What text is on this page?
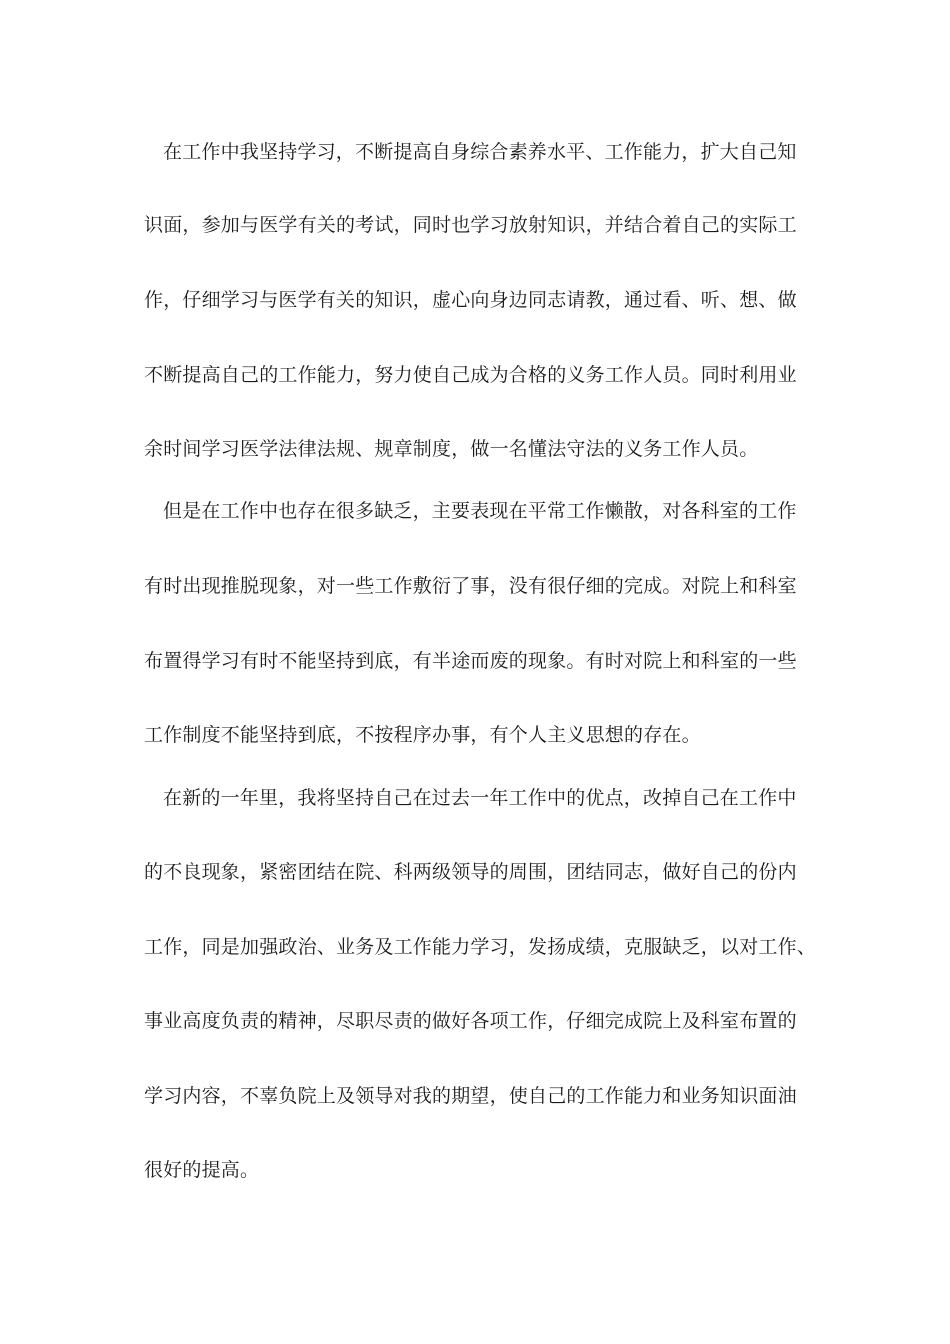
在工作中我坚持学习，不断提高自身综合素养水平、工作能力，扩大自己知
识面，参加与医学有关的考试，同时也学习放射知识，并结合着自己的实际工
作，仔细学习与医学有关的知识，虚心向身边同志请教，通过看、听、想、做
不断提高自己的工作能力，努力使自己成为合格的义务工作人员。同时利用业
余时间学习医学法律法规、规章制度，做一名懂法守法的义务工作人员。
但是在工作中也存在很多缺乏，主要表现在平常工作懒散，对各科室的工作
有时出现推脱现象，对一些工作敷衍了事，没有很仔细的完成。对院上和科室
布置得学习有时不能坚持到底，有半途而废的现象。有时对院上和科室的一些
工作制度不能坚持到底，不按程序办事，有个人主义思想的存在。
在新的一年里，我将坚持自己在过去一年工作中的优点，改掉自己在工作中
的不良现象，紧密团结在院、科两级领导的周围，团结同志，做好自己的份内
工作，同是加强政治、业务及工作能力学习，发扬成绩，克服缺乏，以对工作、
事业高度负责的精神，尽职尽责的做好各项工作，仔细完成院上及科室布置的
学习内容，不辜负院上及领导对我的期望，使自己的工作能力和业务知识面油
很好的提高。
